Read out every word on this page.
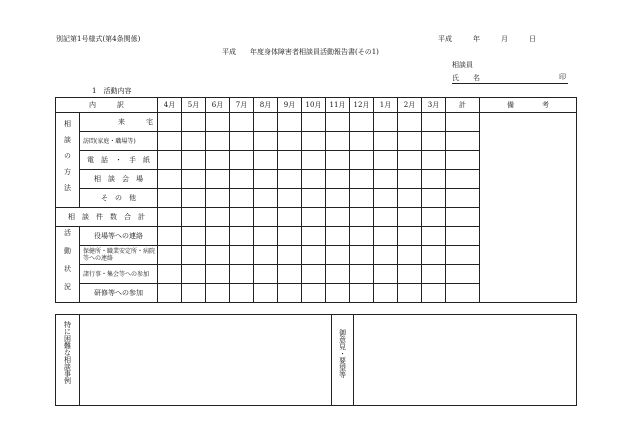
別記第1号様式(第4条関係)	平成　　　年　　　月　　　日
平成　　年度身体障害者相談員活動報告書(その1)
相談員
氏　　名	印
1　活動内容
内　　　訳		4月	5月	6月	7月	8月	9月	10月	11月	12月	1月	2月	3月	計	備　　　　考

相談の方法	来　　　宅														
	訪問(家庭・職場等)														
	電　話　・　手　紙														
	相　談　会　場														
	そ　の　他														
相　談　件　数　合　計															

活動状況	役場等への連絡														
	保健所・職業安定所・病院等への連絡														
	諸行事・集会等への参加														
	研修等への参加														
特に困難な相談事例		御意見・要望等
